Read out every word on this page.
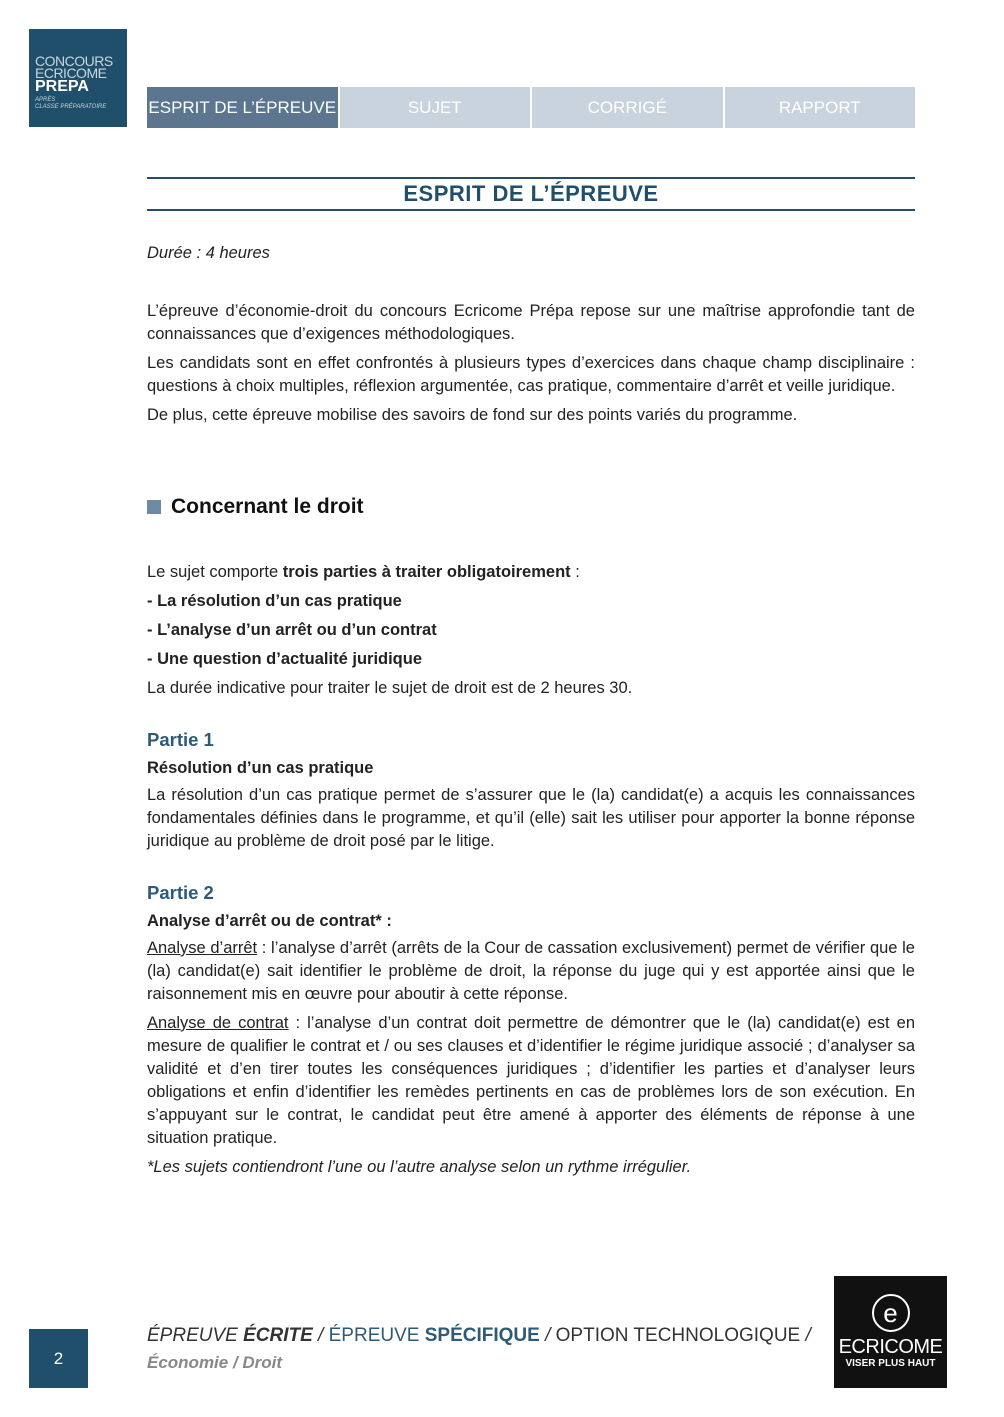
CONCOURS
ECRICOME
PREPA
APRÈS
CLASSE PRÉPARATOIRE	ESPRIT DE L’ÉPREUVE	SUJET	CORRIGÉ	RAPPORT
ESPRIT DE L’ÉPREUVE

Durée : 4 heures

L’épreuve d’économie-droit du concours Ecricome Prépa repose sur une maîtrise approfondie tant de connaissances que d’exigences méthodologiques.

Les candidats sont en effet confrontés à plusieurs types d’exercices dans chaque champ disciplinaire : questions à choix multiples, réflexion argumentée, cas pratique, commentaire d’arrêt et veille juridique.

De plus, cette épreuve mobilise des savoirs de fond sur des points variés du programme.

Concernant le droit

Le sujet comporte trois parties à traiter obligatoirement :

- La résolution d’un cas pratique
- L’analyse d’un arrêt ou d’un contrat
- Une question d’actualité juridique

La durée indicative pour traiter le sujet de droit est de 2 heures 30.

Partie 1
Résolution d’un cas pratique

La résolution d’un cas pratique permet de s’assurer que le (la) candidat(e) a acquis les connaissances fondamentales définies dans le programme, et qu’il (elle) sait les utiliser pour apporter la bonne réponse juridique au problème de droit posé par le litige.

Partie 2
Analyse d’arrêt ou de contrat* :

Analyse d’arrêt : l’analyse d’arrêt (arrêts de la Cour de cassation exclusivement) permet de vérifier que le (la) candidat(e) sait identifier le problème de droit, la réponse du juge qui y est apportée ainsi que le raisonnement mis en œuvre pour aboutir à cette réponse.

Analyse de contrat : l’analyse d’un contrat doit permettre de démontrer que le (la) candidat(e) est en mesure de qualifier le contrat et / ou ses clauses et d’identifier le régime juridique associé ; d’analyser sa validité et d’en tirer toutes les conséquences juridiques ; d’identifier les parties et d’analyser leurs obligations et enfin d’identifier les remèdes pertinents en cas de problèmes lors de son exécution. En s’appuyant sur le contrat, le candidat peut être amené à apporter des éléments de réponse à une situation pratique.

*Les sujets contiendront l’une ou l’autre analyse selon un rythme irrégulier.

2
ÉPREUVE ÉCRITE / ÉPREUVE SPÉCIFIQUE / OPTION TECHNOLOGIQUE /
Économie / Droit
e
ECRICOME
VISER PLUS HAUT
